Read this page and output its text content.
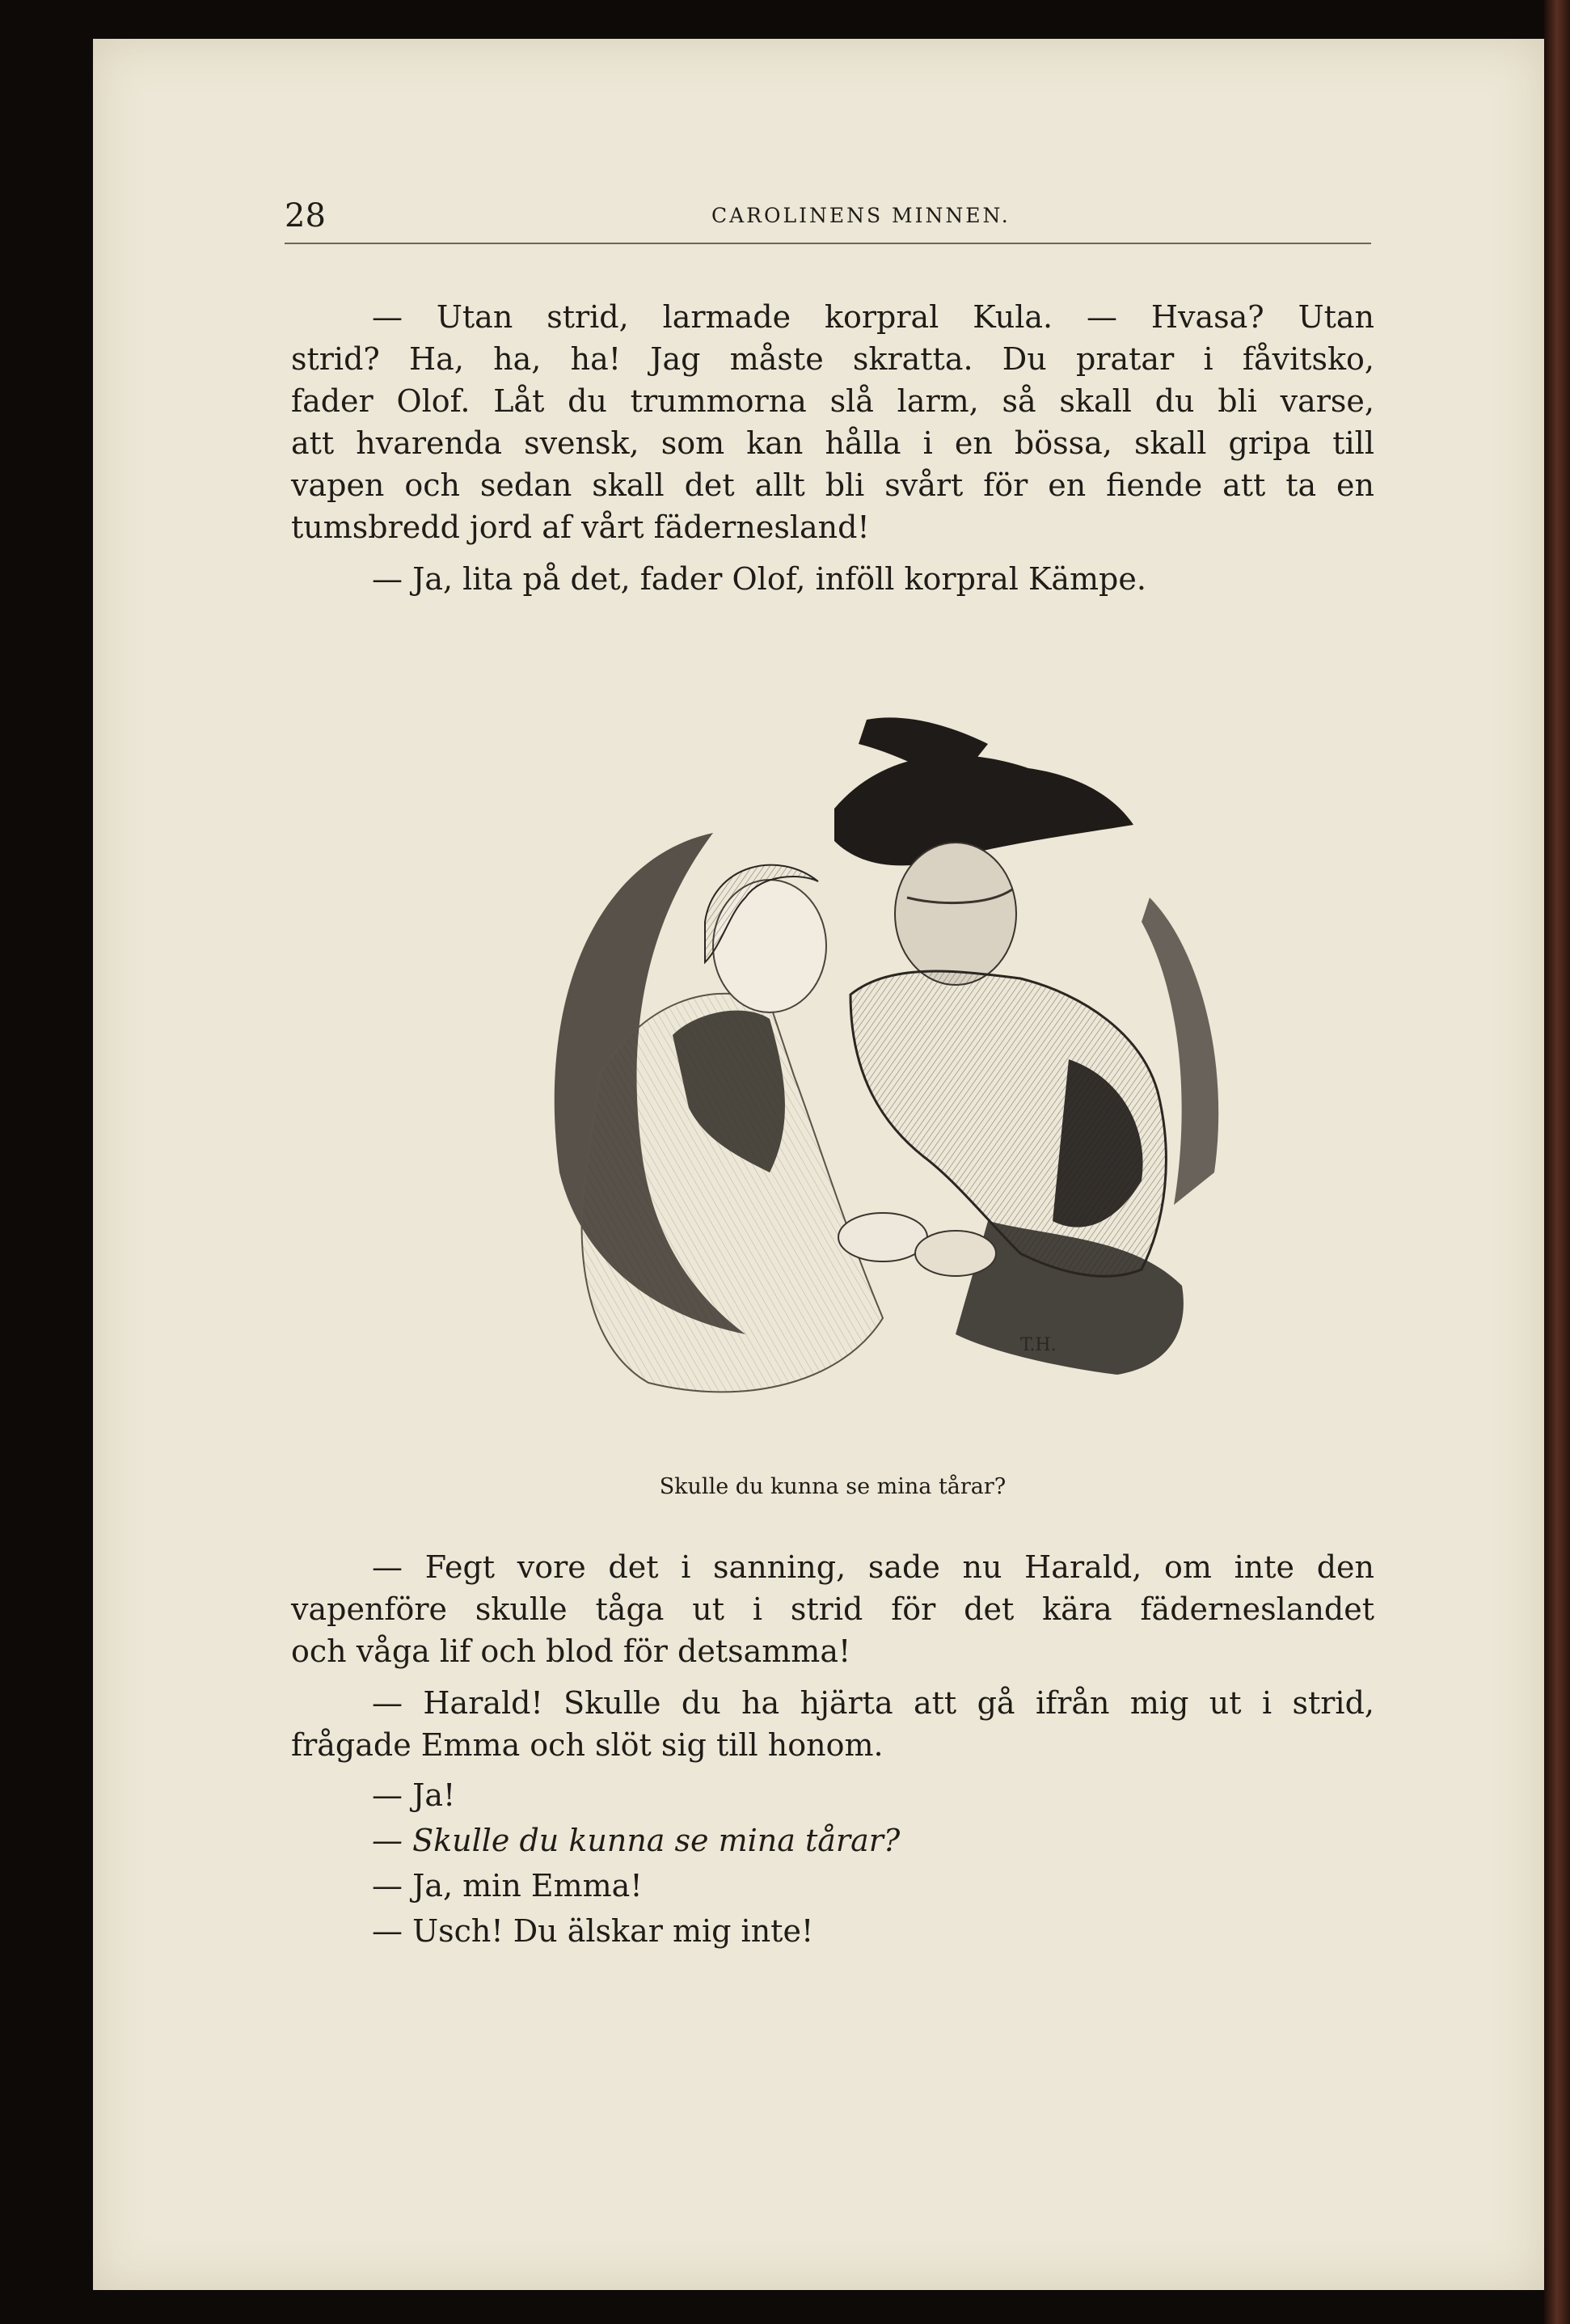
28	CAROLINENS MINNEN.

— Utan strid, larmade korpral Kula. — Hvasa? Utan
strid? Ha, ha, ha! Jag måste skratta. Du pratar i fåvitsko,
fader Olof. Låt du trummorna slå larm, så skall du bli varse,
att hvarenda svensk, som kan hålla i en bössa, skall gripa till
vapen och sedan skall det allt bli svårt för en fiende att ta en
tumsbredd jord af vårt fädernesland!

— Ja, lita på det, fader Olof, inföll korpral Kämpe.

T.H.
Skulle du kunna se mina tårar?

— Fegt vore det i sanning, sade nu Harald, om inte den
vapenföre skulle tåga ut i strid för det kära fäderneslandet
och våga lif och blod för detsamma!

— Harald! Skulle du ha hjärta att gå ifrån mig ut i strid,
frågade Emma och slöt sig till honom.

— Ja!
— Skulle du kunna se mina tårar?
— Ja, min Emma!
— Usch! Du älskar mig inte!
